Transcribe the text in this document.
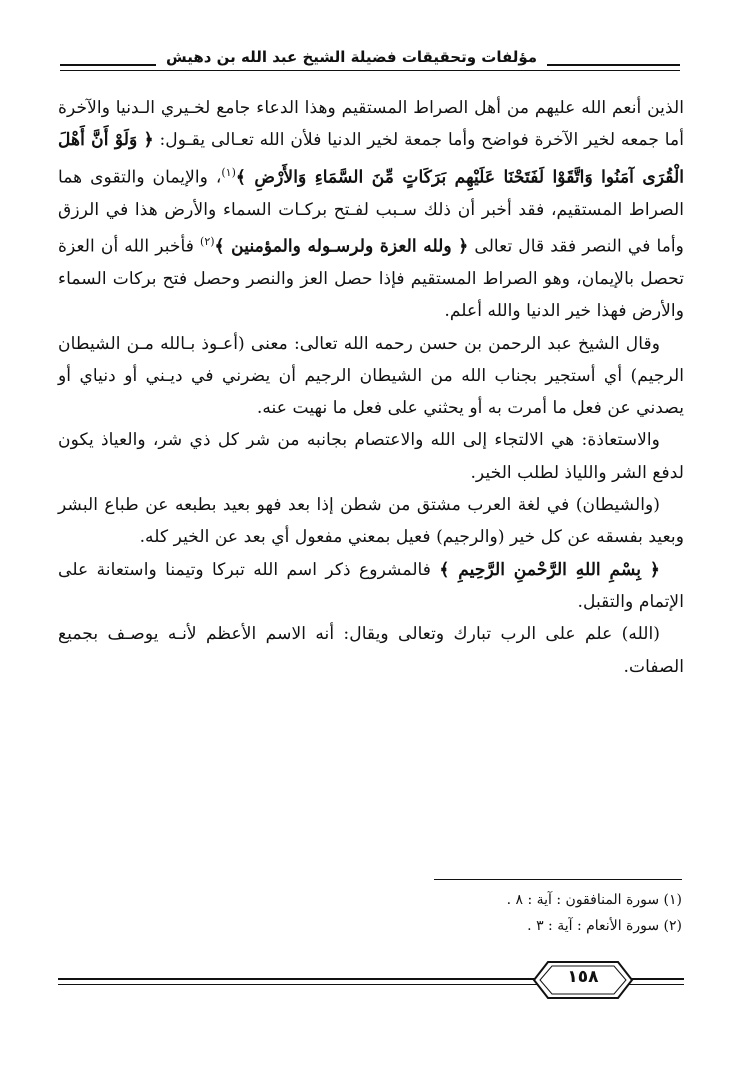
مؤلفات وتحقيقات فضيلة الشيخ عبد الله بن دهيش

الذين أنعم الله عليهم من أهل الصراط المستقيم وهذا الدعاء جامع لخـيري الـدنيا والآخرة أما جمعه لخير الآخرة فواضح وأما جمعة لخير الدنيا فلأن الله تعـالى يقـول: ﴿ وَلَوْ أَنَّ أَهْلَ الْقُرَى آمَنُوا وَاتَّقَوْا لَفَتَحْنَا عَلَيْهِم بَرَكَاتٍ مِّنَ السَّمَاءِ وَالأَرْضِ ﴾$^{(١)}$، والإيمان والتقوى هما الصراط المستقيم، فقد أخبر أن ذلك سـبب لفـتح بركـات السماء والأرض هذا في الرزق وأما في النصر فقد قال تعالى ﴿ ولله العزة ولرسـوله والمؤمنين ﴾$^{(٢)}$ فأخبر الله أن العزة تحصل بالإيمان، وهو الصراط المستقيم فإذا حصل العز والنصر وحصل فتح بركات السماء والأرض فهذا خير الدنيا والله أعلم.

وقال الشيخ عبد الرحمن بن حسن رحمه الله تعالى: معنى (أعـوذ بـالله مـن الشيطان الرجيم) أي أستجير بجناب الله من الشيطان الرجيم أن يضرني في ديـني أو دنياي أو يصدني عن فعل ما أمرت به أو يحثني على فعل ما نهيت عنه.

والاستعاذة: هي الالتجاء إلى الله والاعتصام بجانبه من شر كل ذي شر، والعياذ يكون لدفع الشر واللياذ لطلب الخير.

(والشيطان) في لغة العرب مشتق من شطن إذا بعد فهو بعيد بطبعه عن طباع البشر وبعيد بفسقه عن كل خير (والرجيم) فعيل بمعني مفعول أي بعد عن الخير كله.

﴿ بِسْمِ اللهِ الرَّحْمنِ الرَّحِيمِ ﴾ فالمشروع ذكر اسم الله تبركا وتيمنا واستعانة على الإتمام والتقبل.

(الله) علم على الرب تبارك وتعالى ويقال: أنه الاسم الأعظم لأنـه يوصـف بجميع الصفات.

(١) سورة المنافقون : آية : ٨ .
(٢) سورة الأنعام : آية : ٣ .
١٥٨
